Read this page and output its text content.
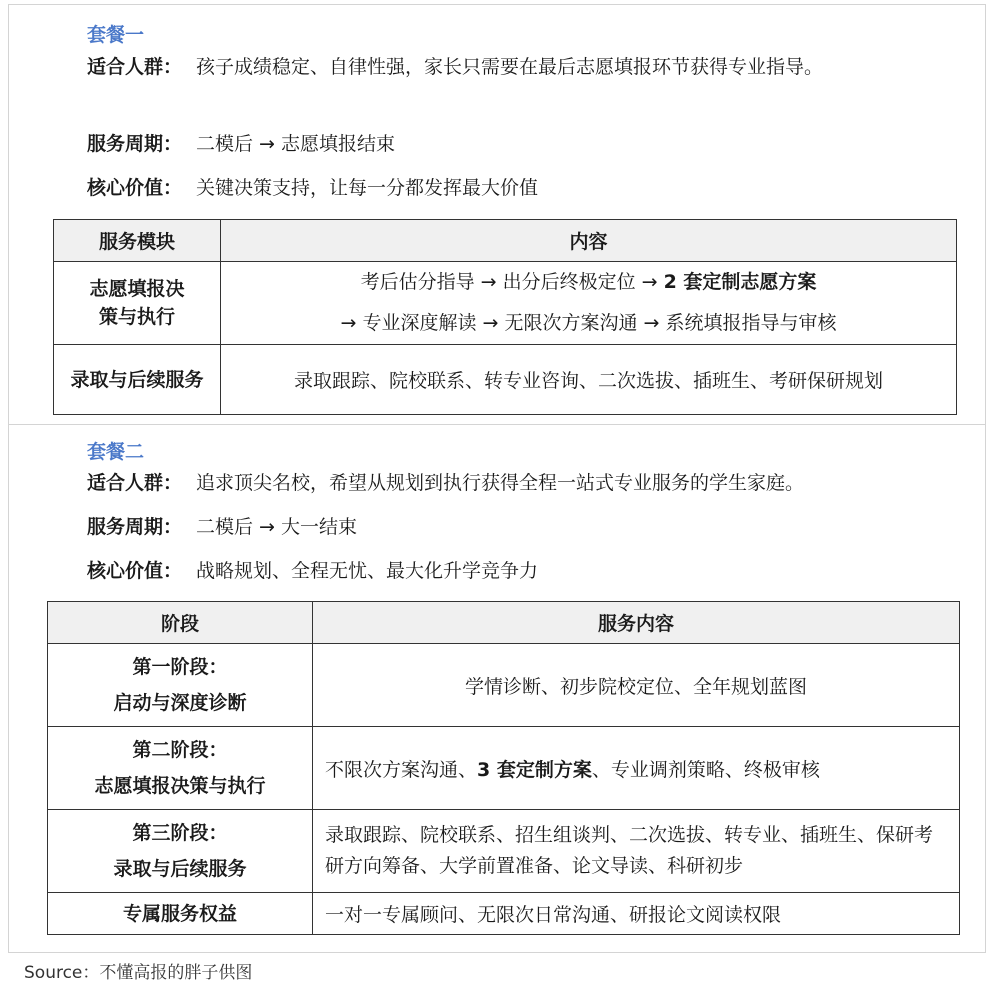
套餐一
适合人群： 孩子成绩稳定、自律性强，家长只需要在最后志愿填报环节获得专业指导。
服务周期： 二模后 → 志愿填报结束
核心价值： 关键决策支持，让每一分都发挥最大价值
服务模块	内容

志愿填报决策与执行	考后估分指导 → 出分后终极定位 → 2 套定制志愿方案
→ 专业深度解读 → 无限次方案沟通 → 系统填报指导与审核

录取与后续服务	录取跟踪、院校联系、转专业咨询、二次选拔、插班生、考研保研规划
套餐二
适合人群： 追求顶尖名校，希望从规划到执行获得全程一站式专业服务的学生家庭。
服务周期： 二模后 → 大一结束
核心价值： 战略规划、全程无忧、最大化升学竞争力
阶段	服务内容

第一阶段：
启动与深度诊断	学情诊断、初步院校定位、全年规划蓝图

第二阶段：
志愿填报决策与执行	不限次方案沟通、3 套定制方案、专业调剂策略、终极审核

第三阶段：
录取与后续服务	录取跟踪、院校联系、招生组谈判、二次选拔、转专业、插班生、保研考研方向筹备、大学前置准备、论文导读、科研初步
专属服务权益	一对一专属顾问、无限次日常沟通、研报论文阅读权限
Source：不懂高报的胖子供图
